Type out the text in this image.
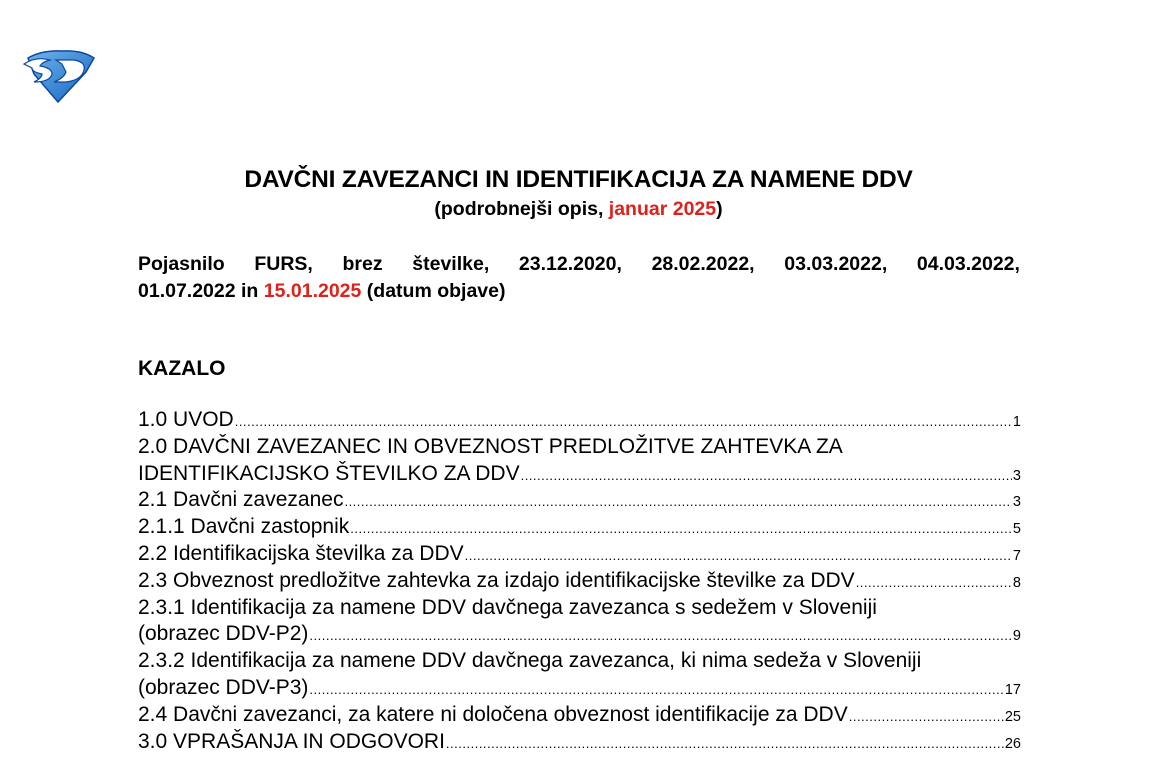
DAVČNI ZAVEZANCI IN IDENTIFIKACIJA ZA NAMENE DDV
(podrobnejši opis, januar 2025)
Pojasnilo FURS, brez številke, 23.12.2020, 28.02.2022, 03.03.2022, 04.03.2022,
01.07.2022 in 15.01.2025 (datum objave)
KAZALO
1.0 UVOD .....	1
2.0 DAVČNI ZAVEZANEC IN OBVEZNOST PREDLOŽITVE ZAHTEVKA ZA
IDENTIFIKACIJSKO ŠTEVILKO ZA DDV .....	3
2.1 Davčni zavezanec .....	3
2.1.1 Davčni zastopnik .....	5
2.2 Identifikacijska številka za DDV .....	7
2.3 Obveznost predložitve zahtevka za izdajo identifikacijske številke za DDV .....	8
2.3.1 Identifikacija za namene DDV davčnega zavezanca s sedežem v Sloveniji
(obrazec DDV-P2) .....	9
2.3.2 Identifikacija za namene DDV davčnega zavezanca, ki nima sedeža v Sloveniji
(obrazec DDV-P3) .....	17
2.4 Davčni zavezanci, za katere ni določena obveznost identifikacije za DDV .....	25
3.0 VPRAŠANJA IN ODGOVORI .....	26
